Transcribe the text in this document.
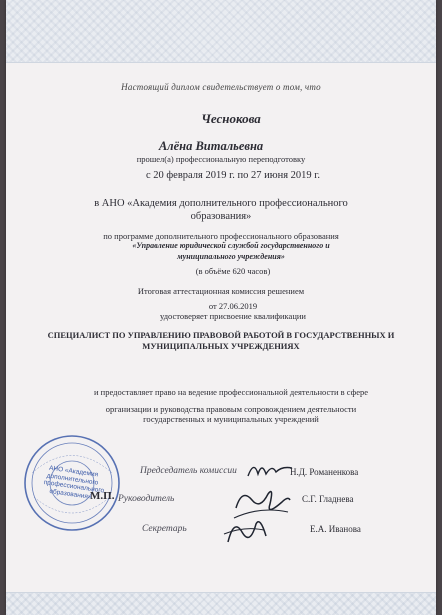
Настоящий диплом свидетельствует о том, что
Чеснокова
Алёна Витальевна
прошел(а) профессиональную переподготовку
с 20 февраля 2019 г. по 27 июня 2019 г.
в АНО «Академия дополнительного профессионального образования»
по программе дополнительного профессионального образования
«Управление юридической службой государственного и муниципального учреждения»
(в объёме 620 часов)
Итоговая аттестационная комиссия решением
от 27.06.2019
удостоверяет присвоение квалификации
СПЕЦИАЛИСТ ПО УПРАВЛЕНИЮ ПРАВОВОЙ РАБОТОЙ В ГОСУДАРСТВЕННЫХ И МУНИЦИПАЛЬНЫХ УЧРЕЖДЕНИЯХ
и предоставляет право на ведение профессиональной деятельности в сфере
организации и руководства правовым сопровождением деятельности
государственных и муниципальных учреждений
АНО «Академия дополнительного профессионального образования»
М.П.
Председатель комиссии	Н.Д. Романенкова
Руководитель	С.Г. Гладнева
Секретарь	Е.А. Иванова
